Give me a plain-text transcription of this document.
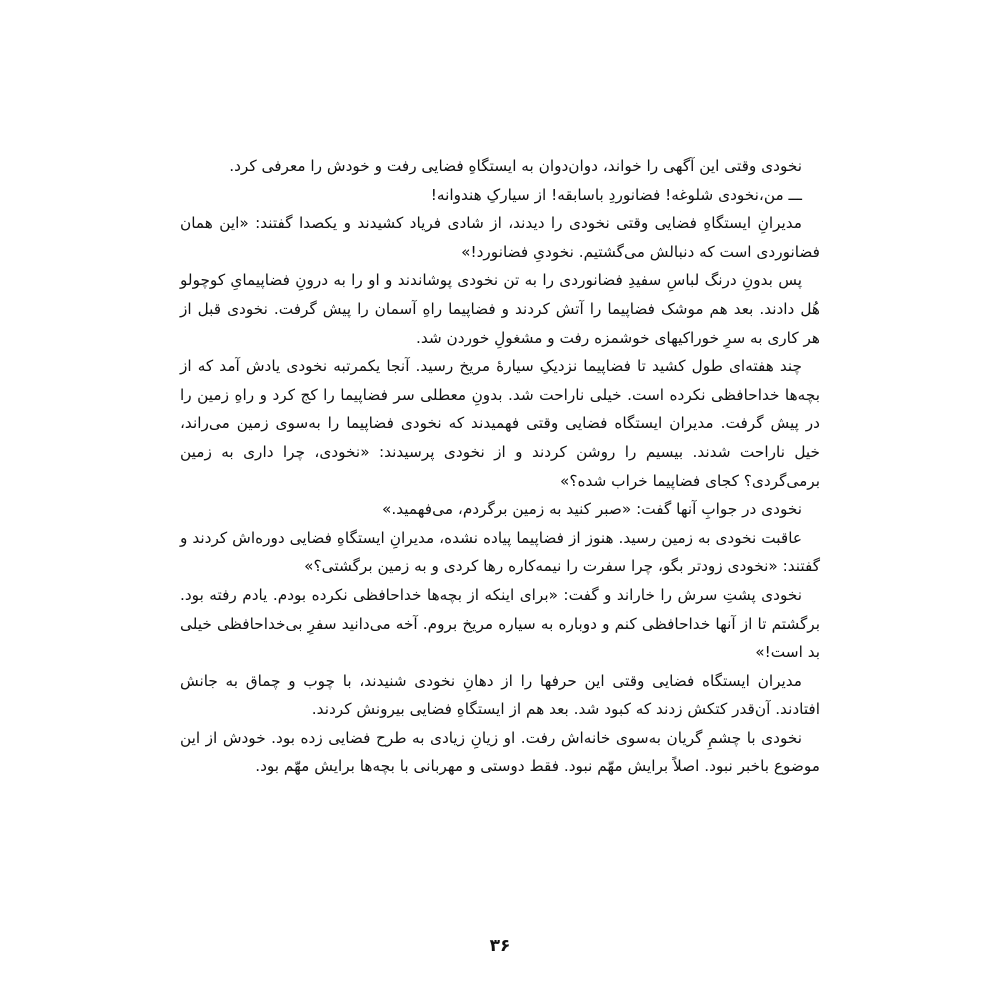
نخودی وقتی این آگهی را خواند، دوان‌دوان به ایستگاهِ فضایی رفت و خودش را معرفی کرد.

ـــ من،نخودی شلوغه! فضانوردِ باسابقه! از سیارکِ هندوانه!

مدیرانِ ایستگاهِ فضایی وقتی نخودی را دیدند، از شادی فریاد کشیدند و یکصدا گفتند: «این همان فضانوردی است که دنبالش می‌گشتیم. نخودیِ فضانورد!»

پس بدونِ درنگ لباسِ سفیدِ فضانوردی را به تن نخودی پوشاندند و او را به درونِ فضاپیمایِ کوچولو هُل دادند. بعد هم موشک فضاپیما را آتش کردند و فضاپیما راهِ آسمان را پیش گرفت. نخودی قبل از هر کاری به سرِ خوراکیهای خوشمزه رفت و مشغولِ خوردن شد.

چند هفته‌ای طول کشید تا فضاپیما نزدیکِ سیارهٔ مریخ رسید. آنجا یکمرتبه نخودی یادش آمد که از بچه‌ها خداحافظی نکرده است. خیلی ناراحت شد. بدونِ معطلی سر فضاپیما را کج کرد و راهِ زمین را در پیش گرفت. مدیران ایستگاه فضایی وقتی فهمیدند که نخودی فضاپیما را به‌سوی زمین می‌راند، خیل ناراحت شدند. بیسیم را روشن کردند و از نخودی پرسیدند: «نخودی، چرا داری به زمین برمی‌گردی؟ کجای فضاپیما خراب شده؟»

نخودی در جوابِ آنها گفت: «صبر کنید به زمین برگردم، می‌فهمید.»

عاقبت نخودی به زمین رسید. هنوز از فضاپیما پیاده نشده، مدیرانِ ایستگاهِ فضایی دوره‌اش کردند و گفتند: «نخودی زودتر بگو، چرا سفرت را نیمه‌کاره رها کردی و به زمین برگشتی؟»

نخودی پشتِ سرش را خاراند و گفت: «برای اینکه از بچه‌ها خداحافظی نکرده بودم. یادم رفته بود. برگشتم تا از آنها خداحافظی کنم و دوباره به سیاره مریخ بروم. آخه می‌دانید سفرِ بی‌خداحافظی خیلی بد است!»

مدیران ایستگاه فضایی وقتی این حرفها را از دهانِ نخودی شنیدند، با چوب و چماق به جانش افتادند. آن‌قدر کتکش زدند که کبود شد. بعد هم از ایستگاهِ فضایی بیرونش کردند.

نخودی با چشمِ گریان به‌سوی خانه‌اش رفت. او زیانِ زیادی به طرح فضایی زده بود. خودش از این موضوع باخبر نبود. اصلاً برایش مهّم نبود. فقط دوستی و مهربانی با بچه‌ها برایش مهّم بود.

۳۶
